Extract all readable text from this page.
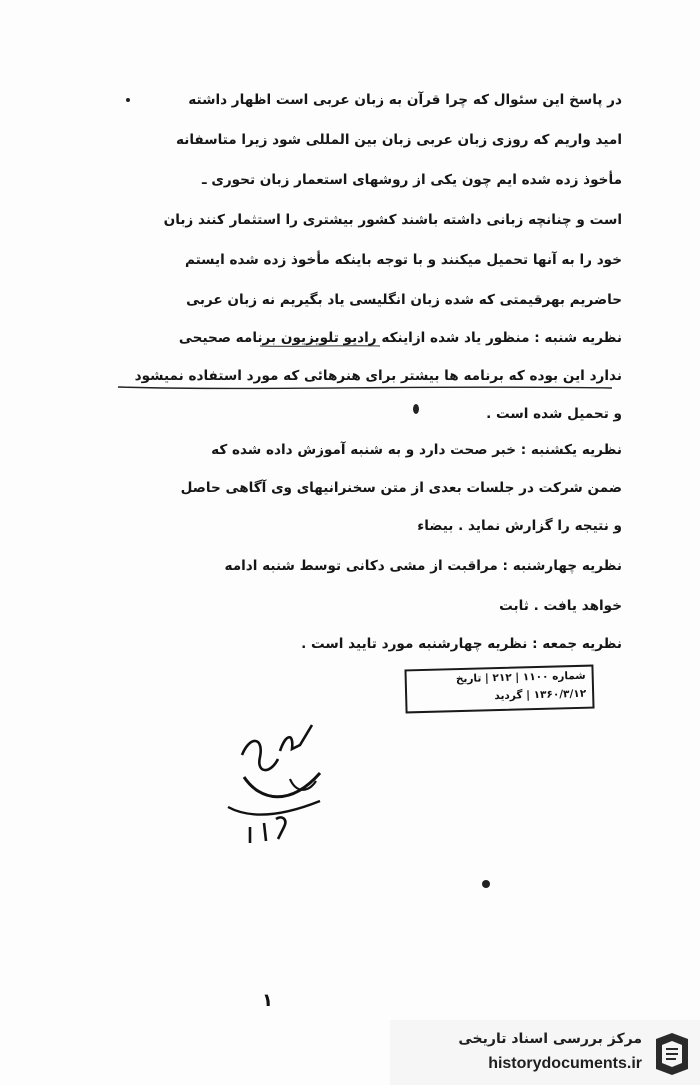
در پاسخ این سئوال که چرا قرآن به زبان عربی است اظهار داشته
امید واریم که روزی زبان عربی زبان بین المللی شود زیرا متاسفانه
مأخوذ زده شده ایم چون یکی از روشهای استعمار زبان تحوری ـ
است و چنانچه زبانی داشته باشند کشور بیشتری را استثمار کنند زبان
خود را به آنها تحمیل میکنند و با توجه باینکه مأخوذ زده شده ایستم
حاضریم بهرقیمتی که شده زبان انگلیسی یاد بگیریم نه زبان عربی
نظریه شنبه : منظور یاد شده ازاینکه رادیو تلویزیون برنامه صحیحی
ندارد این بوده که برنامه ها بیشتر برای هنرهائی که مورد استفاده نمیشود
و تحمیل شده است .
نظریه یکشنبه : خبر صحت دارد و به شنبه آموزش داده شده که
ضمن شرکت در جلسات بعدی از متن سخنرانیهای وی آگاهی حاصل
و نتیجه را گزارش نماید . بیضاء
نظریه چهارشنبه : مراقبت از مشی دکانی توسط شنبه ادامه
خواهد یافت . ثابت
نظریه جمعه : نظریه چهارشنبه مورد تایید است .
شماره ۱۱۰۰ | ۲۱۲ | تاریخ
۱۳۶۰/۳/۱۲ | گردید
۱
مرکز بررسی اسناد تاریخی
historydocuments.ir
